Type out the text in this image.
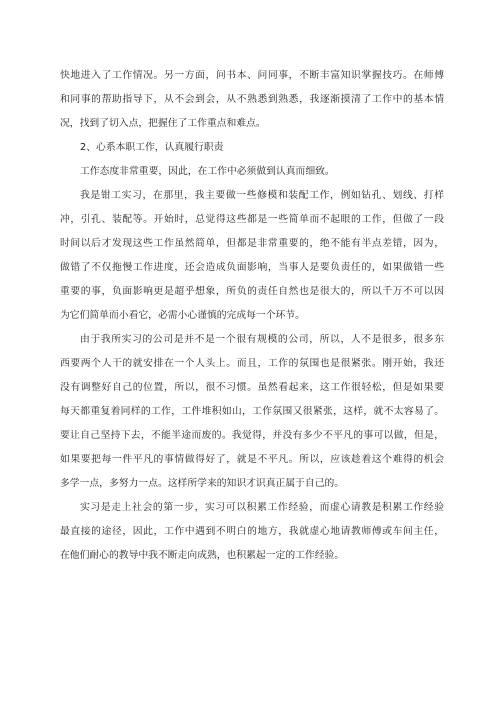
快地进入了工作情况。另一方面，问书本、问同事，不断丰富知识掌握技巧。在师傅
和同事的帮助指导下，从不会到会，从不熟悉到熟悉，我逐渐摸清了工作中的基本情
况，找到了切入点，把握住了工作重点和难点。
2、心系本职工作，认真履行职责
工作态度非常重要，因此，在工作中必须做到认真而细致。
我是钳工实习，在那里，我主要做一些修模和装配工作，例如钻孔、划线、打样
冲，引孔、装配等。开始时，总觉得这些都是一些简单而不起眼的工作，但做了一段
时间以后才发现这些工作虽然简单，但都是非常重要的，绝不能有半点差错，因为，
做错了不仅拖慢工作进度，还会造成负面影响，当事人是要负责任的，如果做错一些
重要的事，负面影响更是超乎想象，所负的责任自然也是很大的，所以千万不可以因
为它们简单而小看它，必需小心谨慎的完成每一个环节。
由于我所实习的公司是并不是一个很有规模的公司，所以，人不是很多，很多东
西要两个人干的就安排在一个人头上。而且，工作的氛围也是很紧张。刚开始，我还
没有调整好自己的位置，所以，很不习惯。虽然看起来，这工作很轻松，但是如果要
每天都重复着同样的工作，工件堆积如山，工作氛围又很紧张，这样，就不太容易了。
要让自己坚持下去，不能半途而废的。我觉得，并没有多少不平凡的事可以做，但是，
如果要把每一件平凡的事情做得好了，就是不平凡。所以，应该趁着这个难得的机会
多学一点，多努力一点。这样所学来的知识才识真正属于自己的。
实习是走上社会的第一步，实习可以积累工作经验，而虚心请教是积累工作经验
最直接的途径，因此，工作中遇到不明白的地方，我就虚心地请教师傅或车间主任，
在他们耐心的教导中我不断走向成熟，也积累起一定的工作经验。
